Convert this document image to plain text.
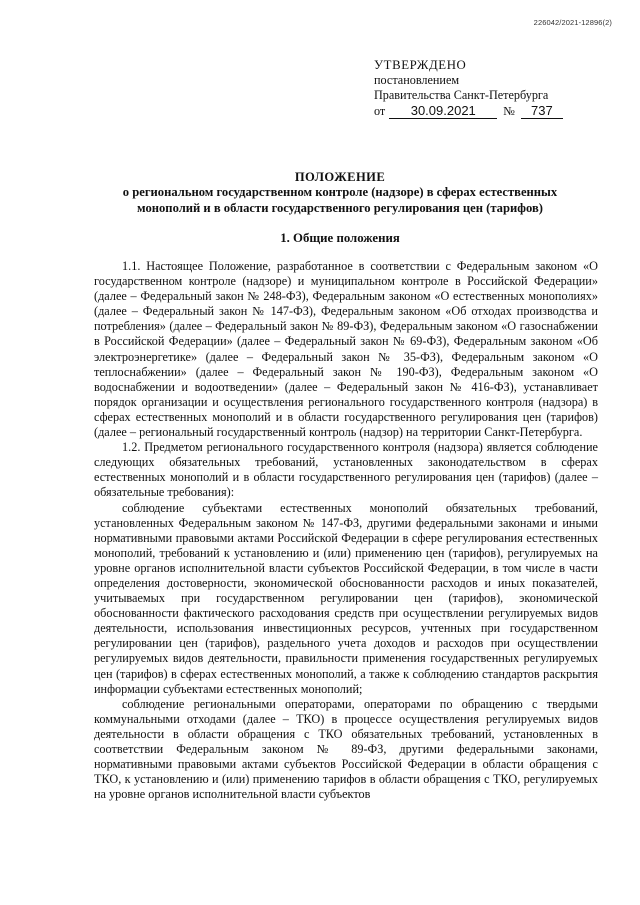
226042/2021-12896(2)
УТВЕРЖДЕНО
постановлением
Правительства Санкт-Петербурга
от	30.09.2021	№	737
ПОЛОЖЕНИЕ
о региональном государственном контроле (надзоре) в сферах естественных
монополий и в области государственного регулирования цен (тарифов)
1. Общие положения

1.1. Настоящее Положение, разработанное в соответствии с Федеральным законом «О государственном контроле (надзоре) и муниципальном контроле в Российской Федерации» (далее – Федеральный закон № 248-ФЗ), Федеральным законом «О естественных монополиях» (далее – Федеральный закон № 147-ФЗ), Федеральным законом «Об отходах производства и потребления» (далее – Федеральный закон № 89-ФЗ), Федеральным законом «О газоснабжении в Российской Федерации» (далее – Федеральный закон № 69-ФЗ), Федеральным законом «Об электроэнергетике» (далее – Федеральный закон № 35-ФЗ), Федеральным законом «О теплоснабжении» (далее – Федеральный закон № 190-ФЗ), Федеральным законом «О водоснабжении и водоотведении» (далее – Федеральный закон № 416-ФЗ), устанавливает порядок организации и осуществления регионального государственного контроля (надзора) в сферах естественных монополий и в области государственного регулирования цен (тарифов) (далее – региональный государственный контроль (надзор) на территории Санкт-Петербурга.

1.2. Предметом регионального государственного контроля (надзора) является соблюдение следующих обязательных требований, установленных законодательством в сферах естественных монополий и в области государственного регулирования цен (тарифов) (далее – обязательные требования):

соблюдение субъектами естественных монополий обязательных требований, установленных Федеральным законом № 147-ФЗ, другими федеральными законами и иными нормативными правовыми актами Российской Федерации в сфере регулирования естественных монополий, требований к установлению и (или) применению цен (тарифов), регулируемых на уровне органов исполнительной власти субъектов Российской Федерации, в том числе в части определения достоверности, экономической обоснованности расходов и иных показателей, учитываемых при государственном регулировании цен (тарифов), экономической обоснованности фактического расходования средств при осуществлении регулируемых видов деятельности, использования инвестиционных ресурсов, учтенных при государственном регулировании цен (тарифов), раздельного учета доходов и расходов при осуществлении регулируемых видов деятельности, правильности применения государственных регулируемых цен (тарифов) в сферах естественных монополий, а также к соблюдению стандартов раскрытия информации субъектами естественных монополий;

соблюдение региональными операторами, операторами по обращению с твердыми коммунальными отходами (далее – ТКО) в процессе осуществления регулируемых видов деятельности в области обращения с ТКО обязательных требований, установленных в соответствии Федеральным законом № 89-ФЗ, другими федеральными законами, нормативными правовыми актами субъектов Российской Федерации в области обращения с ТКО, к установлению и (или) применению тарифов в области обращения с ТКО, регулируемых на уровне органов исполнительной власти субъектов
